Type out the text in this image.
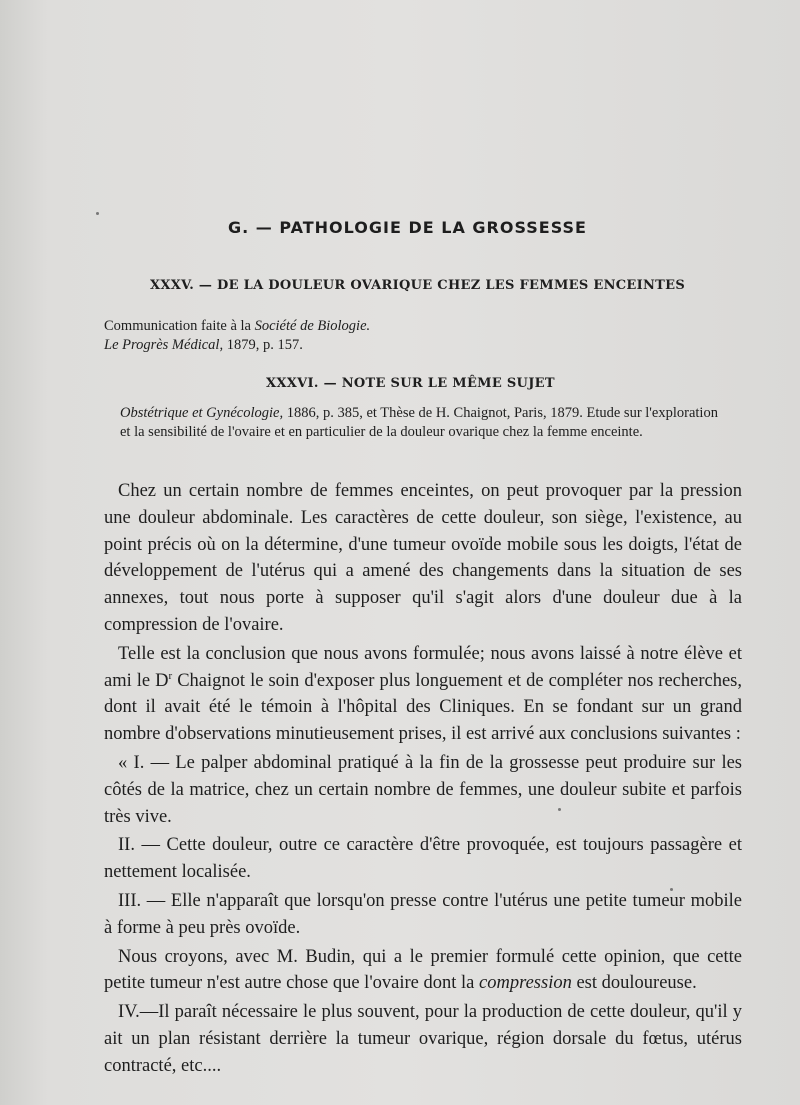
G. — PATHOLOGIE DE LA GROSSESSE
XXXV. — DE LA DOULEUR OVARIQUE CHEZ LES FEMMES ENCEINTES
Communication faite à la Société de Biologie.
Le Progrès Médical, 1879, p. 157.
XXXVI. — NOTE SUR LE MÊME SUJET
Obstétrique et Gynécologie, 1886, p. 385, et Thèse de H. Chaignot, Paris, 1879. Etude sur l'exploration et la sensibilité de l'ovaire et en particulier de la douleur ovarique chez la femme enceinte.

Chez un certain nombre de femmes enceintes, on peut provoquer par la pression une douleur abdominale. Les caractères de cette douleur, son siège, l'existence, au point précis où on la détermine, d'une tumeur ovoïde mobile sous les doigts, l'état de développement de l'utérus qui a amené des changements dans la situation de ses annexes, tout nous porte à supposer qu'il s'agit alors d'une douleur due à la compression de l'ovaire.

Telle est la conclusion que nous avons formulée; nous avons laissé à notre élève et ami le $D^r$ Chaignot le soin d'exposer plus longuement et de compléter nos recherches, dont il avait été le témoin à l'hôpital des Cliniques. En se fondant sur un grand nombre d'observations minutieusement prises, il est arrivé aux conclusions suivantes :

« I. — Le palper abdominal pratiqué à la fin de la grossesse peut produire sur les côtés de la matrice, chez un certain nombre de femmes, une douleur subite et parfois très vive.

II. — Cette douleur, outre ce caractère d'être provoquée, est toujours passagère et nettement localisée.

III. — Elle n'apparaît que lorsqu'on presse contre l'utérus une petite tumeur mobile à forme à peu près ovoïde.

Nous croyons, avec M. Budin, qui a le premier formulé cette opinion, que cette petite tumeur n'est autre chose que l'ovaire dont la compression est douloureuse.

IV.—Il paraît nécessaire le plus souvent, pour la production de cette douleur, qu'il y ait un plan résistant derrière la tumeur ovarique, région dorsale du fœtus, utérus contracté, etc....
